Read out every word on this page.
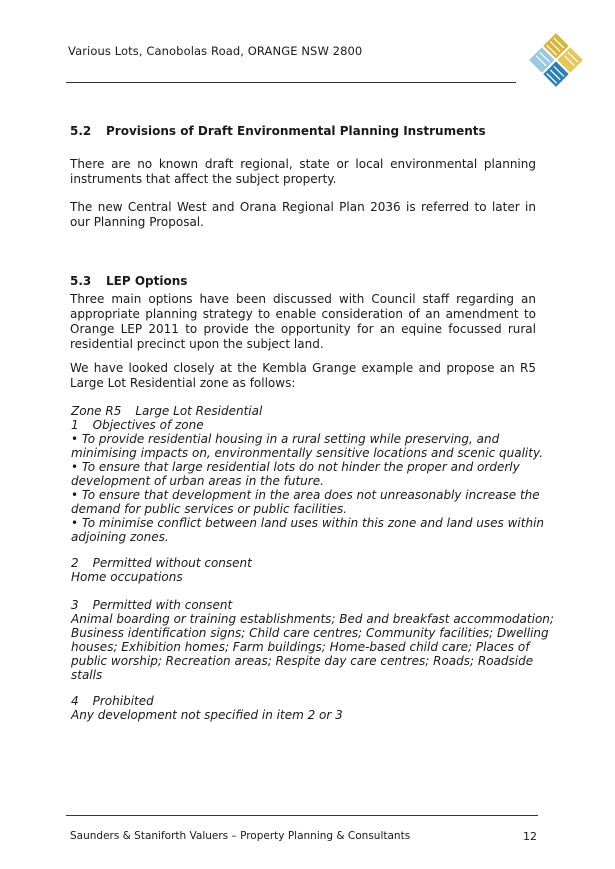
Various Lots, Canobolas Road, ORANGE NSW 2800
5.2 Provisions of Draft Environmental Planning Instruments
There are no known draft regional, state or local environmental planning instruments that affect the subject property.
The new Central West and Orana Regional Plan 2036 is referred to later in our Planning Proposal.
5.3 LEP Options
Three main options have been discussed with Council staff regarding an appropriate planning strategy to enable consideration of an amendment to Orange LEP 2011 to provide the opportunity for an equine focussed rural residential precinct upon the subject land.
We have looked closely at the Kembla Grange example and propose an R5 Large Lot Residential zone as follows:
Zone R5 Large Lot Residential
1 Objectives of zone
• To provide residential housing in a rural setting while preserving, and
minimising impacts on, environmentally sensitive locations and scenic quality.
• To ensure that large residential lots do not hinder the proper and orderly
development of urban areas in the future.
• To ensure that development in the area does not unreasonably increase the
demand for public services or public facilities.
• To minimise conflict between land uses within this zone and land uses within
adjoining zones.
2 Permitted without consent
Home occupations
3 Permitted with consent
Animal boarding or training establishments; Bed and breakfast accommodation;
Business identification signs; Child care centres; Community facilities; Dwelling
houses; Exhibition homes; Farm buildings; Home-based child care; Places of
public worship; Recreation areas; Respite day care centres; Roads; Roadside
stalls
4 Prohibited
Any development not specified in item 2 or 3
Saunders & Staniforth Valuers – Property Planning & Consultants	12
